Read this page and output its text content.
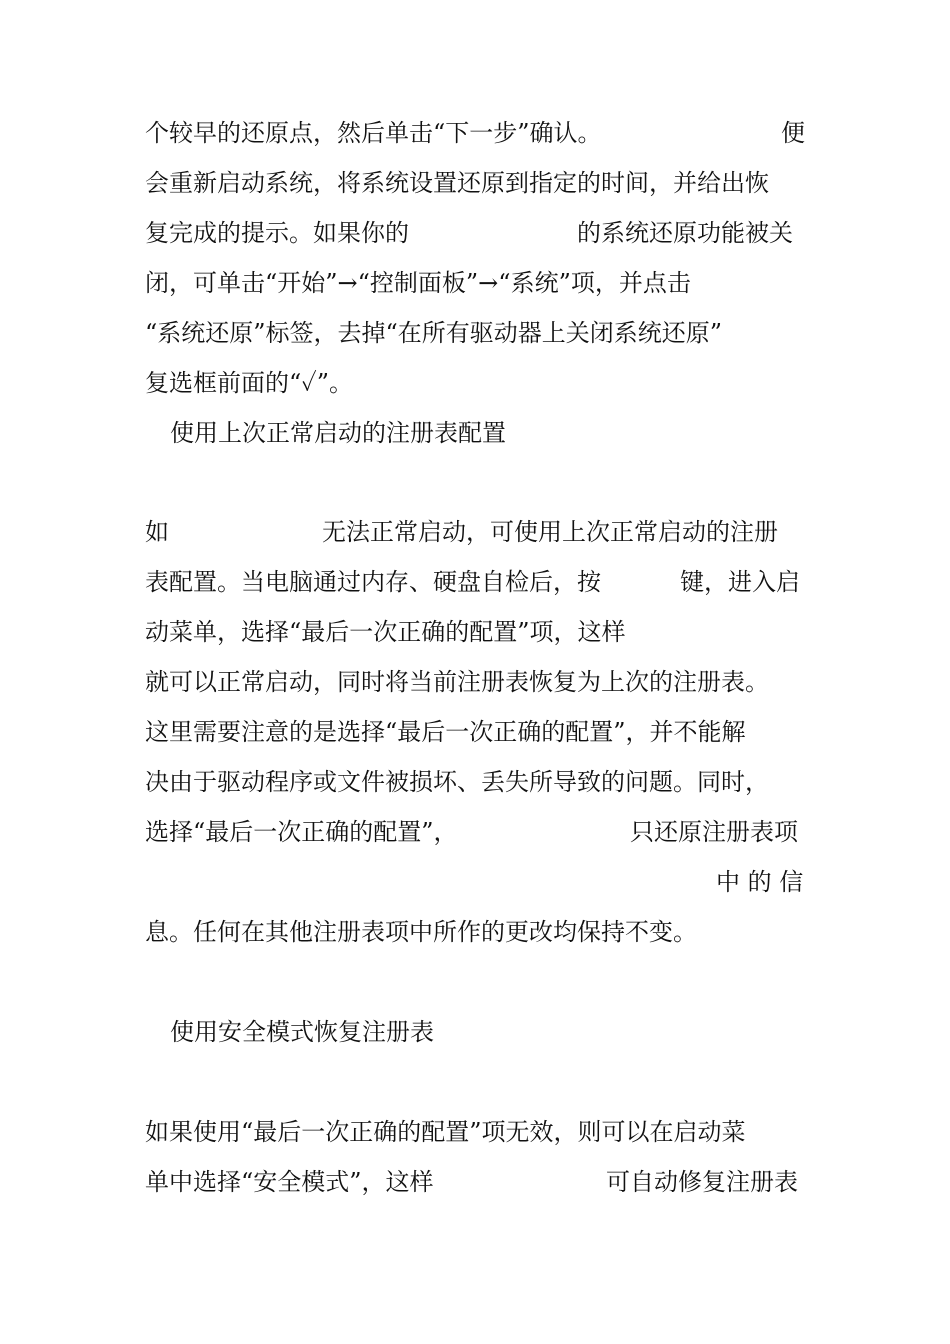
个较早的还原点，然后单击“下一步”确认。	便
会重新启动系统，将系统设置还原到指定的时间，并给出恢
复完成的提示。如果你的	的系统还原功能被关
闭，可单击“开始”→“控制面板”→“系统”项，并点击
“系统还原”标签，去掉“在所有驱动器上关闭系统还原”
复选框前面的“✓”。
使用上次正常启动的注册表配置
如	无法正常启动，可使用上次正常启动的注册
表配置。当电脑通过内存、硬盘自检后，按	键，进入启
动菜单，选择“最后一次正确的配置”项，这样
就可以正常启动，同时将当前注册表恢复为上次的注册表。
这里需要注意的是选择“最后一次正确的配置”，并不能解
决由于驱动程序或文件被损坏、丢失所导致的问题。同时，
选择“最后一次正确的配置”，	只还原注册表项
中 的 信
息。任何在其他注册表项中所作的更改均保持不变。
使用安全模式恢复注册表
如果使用“最后一次正确的配置”项无效，则可以在启动菜
单中选择“安全模式”，这样	可自动修复注册表
